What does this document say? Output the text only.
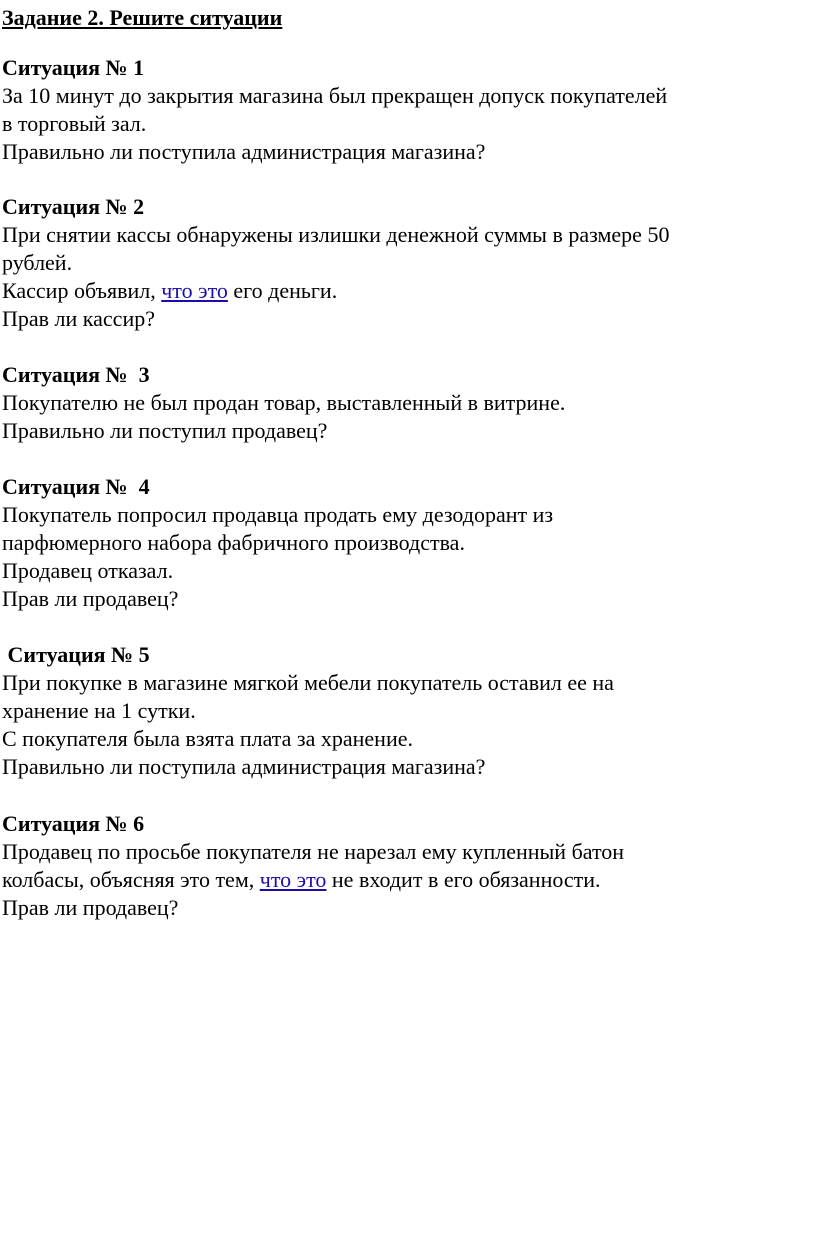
Задание 2. Решите ситуации
Ситуация № 1
За 10 минут до закрытия магазина был прекращен допуск покупателей
в торговый зал.
Правильно ли поступила администрация магазина?
Ситуация № 2
При снятии кассы обнаружены излишки денежной суммы в размере 50
рублей.
Кассир объявил, что это его деньги.
Прав ли кассир?
Ситуация №  3
Покупателю не был продан товар, выставленный в витрине.
Правильно ли поступил продавец?
Ситуация №  4
Покупатель попросил продавца продать ему дезодорант из
парфюмерного набора фабричного производства.
Продавец отказал.
Прав ли продавец?
Ситуация № 5
При покупке в магазине мягкой мебели покупатель оставил ее на
хранение на 1 сутки.
С покупателя была взята плата за хранение.
Правильно ли поступила администрация магазина?
Ситуация № 6
Продавец по просьбе покупателя не нарезал ему купленный батон
колбасы, объясняя это тем, что это не входит в его обязанности.
Прав ли продавец?
